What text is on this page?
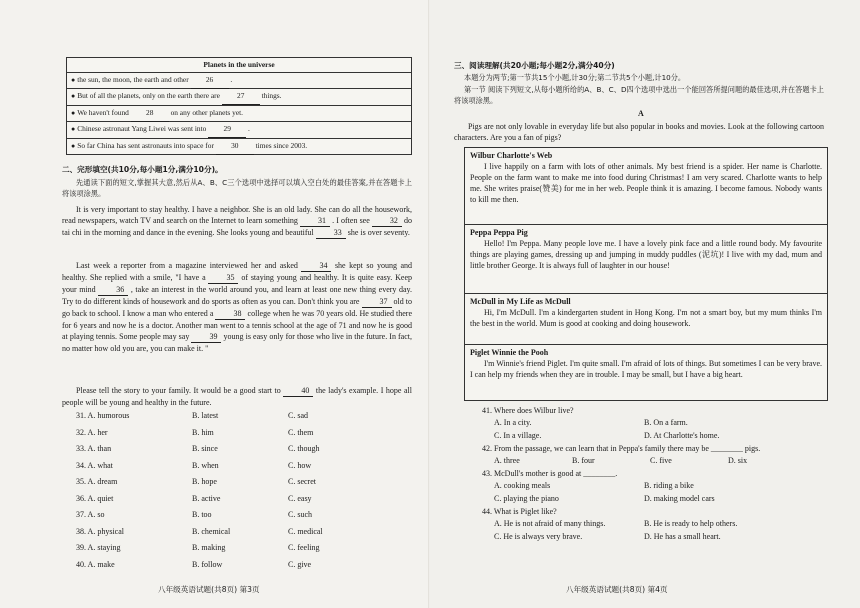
Planets in the universe
● the sun, the moon, the earth and other 26 .
● But of all the planets, only on the earth there are 27 things.
● We haven't found 28 on any other planets yet.
● Chinese astronaut Yang Liwei was sent into 29 .
● So far China has sent astronauts into space for 30 times since 2003.
二、完形填空(共10分,每小题1分,满分10分)。
先通读下面的短文,掌握其大意,然后从A、B、C三个选项中选择可以填入空白处的最佳答案,并在答题卡上将该项涂黑。
It is very important to stay healthy. I have a neighbor. She is an old lady. She can do all the housework, read newspapers, watch TV and search on the Internet to learn something 31 . I often see 32 do tai chi in the morning and dance in the evening. She looks young and beautiful 33 she is over seventy.
Last week a reporter from a magazine interviewed her and asked 34 she kept so young and healthy. She replied with a smile, "I have a 35 of staying young and healthy. It is quite easy. Keep your mind 36 , take an interest in the world around you, and learn at least one new thing every day. Try to do different kinds of housework and do sports as often as you can. Don't think you are 37 old to go back to school. I know a man who entered a 38 college when he was 70 years old. He studied there for 6 years and now he is a doctor. Another man went to a tennis school at the age of 71 and now he is good at playing tennis. Some people may say 39 young is easy only for those who live in the future. In fact, no matter how old you are, you can make it. "
Please tell the story to your family. It would be a good start to 40 the lady's example. I hope all people will be young and healthy in the future.
31. A. humorous	B. latest	C. sad
32. A. her	B. him	C. them
33. A. than	B. since	C. though
34. A. what	B. when	C. how
35. A. dream	B. hope	C. secret
36. A. quiet	B. active	C. easy
37. A. so	B. too	C. such
38. A. physical	B. chemical	C. medical
39. A. staying	B. making	C. feeling
40. A. make	B. follow	C. give
八年级英语试题(共8页) 第3页
三、阅读理解(共20小题;每小题2分,满分40分)
本题分为两节;第一节共15个小题,计30分;第二节共5个小题,计10分。
第一节 阅读下列短文,从每小题所给的A、B、C、D四个选项中选出一个能回答所提问题的最佳选项,并在答题卡上将该项涂黑。
A
Pigs are not only lovable in everyday life but also popular in books and movies. Look at the following cartoon characters. Are you a fan of pigs?
Wilbur Charlotte's Web
I live happily on a farm with lots of other animals. My best friend is a spider. Her name is Charlotte. People on the farm want to make me into food during Christmas! I am very scared. Charlotte wants to help me. She writes praise(赞美) for me in her web. People think it is amazing. I become famous. Nobody wants to kill me then.
Peppa Peppa Pig
Hello! I'm Peppa. Many people love me. I have a lovely pink face and a little round body. My favourite things are playing games, dressing up and jumping in muddy puddles (泥坑)! I live with my dad, mum and little brother George. It is always full of laughter in our house!
McDull in My Life as McDull
Hi, I'm McDull. I'm a kindergarten student in Hong Kong. I'm not a smart boy, but my mum thinks I'm the best in the world. Mum is good at cooking and doing housework.
Piglet Winnie the Pooh
I'm Winnie's friend Piglet. I'm quite small. I'm afraid of lots of things. But sometimes I can be very brave. I can help my friends when they are in trouble. I may be small, but I have a big heart.
41. Where does Wilbur live?
A. In a city.	B. On a farm.
C. In a village.	D. At Charlotte's home.
42. From the passage, we can learn that in Peppa's family there may be ________ pigs.
A. three	B. four	C. five	D. six
43. McDull's mother is good at ________.
A. cooking meals	B. riding a bike
C. playing the piano	D. making model cars
44. What is Piglet like?
A. He is not afraid of many things.	B. He is ready to help others.
C. He is always very brave.	D. He has a small heart.
八年级英语试题(共8页) 第4页
